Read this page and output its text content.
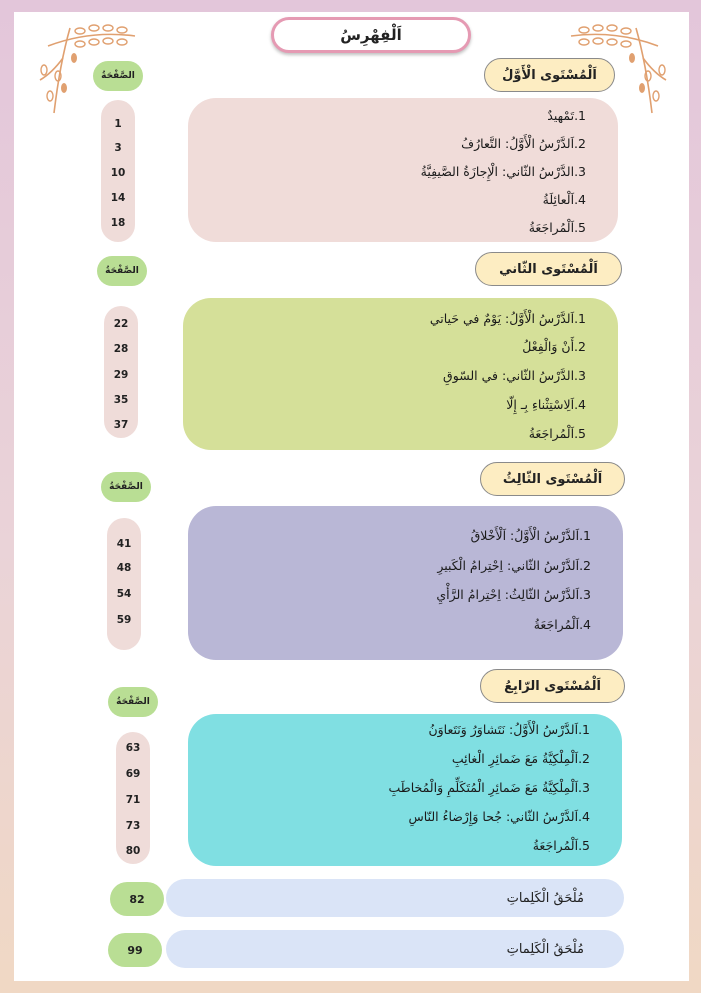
اَلْفِهْرِسُ
اَلْمُسْتَوى الْأَوَّلُ
الصَّفْحَةُ
1
3
10
14
18
1.تَمْهيدٌ
2.اَلدَّرْسُ الْأَوَّلُ: التَّعارُفُ
3.الدَّرْسُ الثّاني: الْإِجازَةُ الصَّيفِيَّةُ
4.اَلْعائِلَةُ
5.اَلْمُراجَعَةُ
اَلْمُسْتَوى الثّاني
الصَّفْحَةُ
22
28
29
35
37
1.اَلدَّرْسُ الْأَوَّلُ: يَوْمٌ في حَياتي
2.أَنْ وَالْفِعْلُ
3.الدَّرْسُ الثّاني: في السّوقِ
4.اَلِاسْتِثْناءِ بِـ إِلّا
5.اَلْمُراجَعَةُ
اَلْمُسْتَوى الثّالِثُ
الصَّفْحَةُ
41
48
54
59
1.اَلدَّرْسُ الْأَوَّلُ: اَلْأَخْلاقُ
2.اَلدَّرْسُ الثّاني: اِحْتِرامُ الْكَبيرِ
3.اَلدَّرْسُ الثّالِثُ: اِحْتِرامُ الرَّأْيِ
4.اَلْمُراجَعَةُ
اَلْمُسْتَوى الرّابِعُ
الصَّفْحَةُ
63
69
71
73
80
1.اَلدَّرْسُ الْأَوَّلُ: نَتَشاوَرُ وَنَتَعاوَنُ
2.اَلْمِلْكِيَّةُ مَعَ ضَمائِرِ الْغائِبِ
3.اَلْمِلْكِيَّةُ مَعَ ضَمائِرِ الْمُتَكَلِّمِ وَالْمُخاطَبِ
4.اَلدَّرْسُ الثّاني: جُحا وَإِرْضاءُ النّاسِ
5.اَلْمُراجَعَةُ
82	مُلْحَقُ الْكَلِماتِ
99	مُلْحَقُ الْكَلِماتِ
